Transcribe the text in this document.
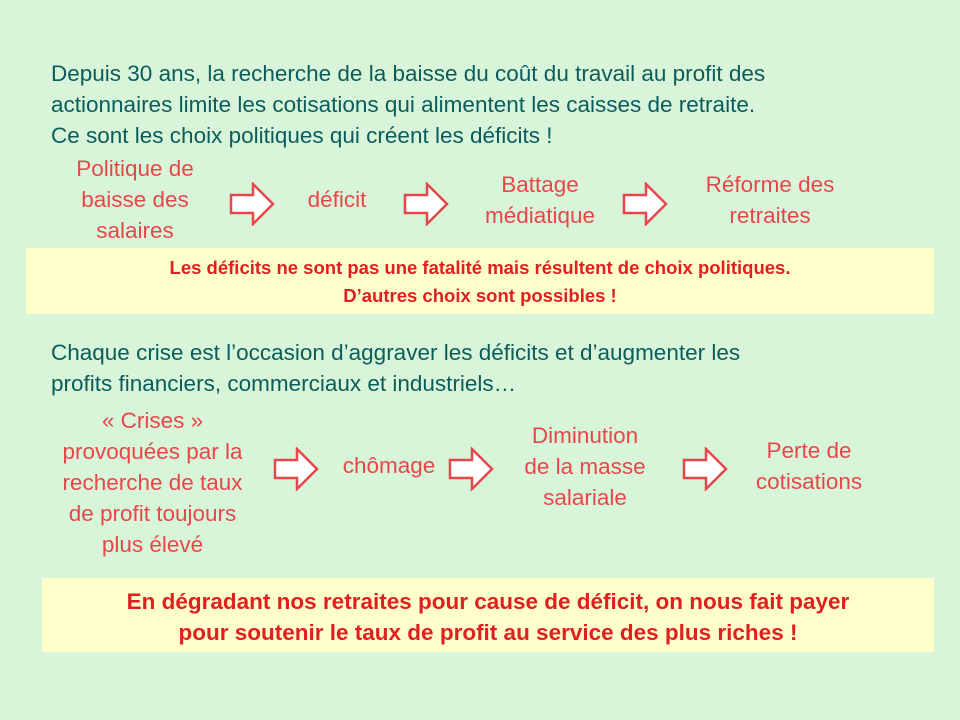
Depuis 30 ans, la recherche de la baisse du coût du travail au profit des
actionnaires limite les cotisations qui alimentent les caisses de retraite.
Ce sont les choix politiques qui créent les déficits !
Politique de
baisse des
salaires
déficit
Battage
médiatique
Réforme des
retraites
Les déficits ne sont pas une fatalité mais résultent de choix politiques.
D’autres choix sont possibles !
Chaque crise est l’occasion d’aggraver les déficits et d’augmenter les
profits financiers, commerciaux et industriels…
« Crises »
provoquées par la
recherche de taux
de profit toujours
plus élevé
chômage
Diminution
de la masse
salariale
Perte de
cotisations
En dégradant nos retraites pour cause de déficit, on nous fait payer
pour soutenir le taux de profit au service des plus riches !
